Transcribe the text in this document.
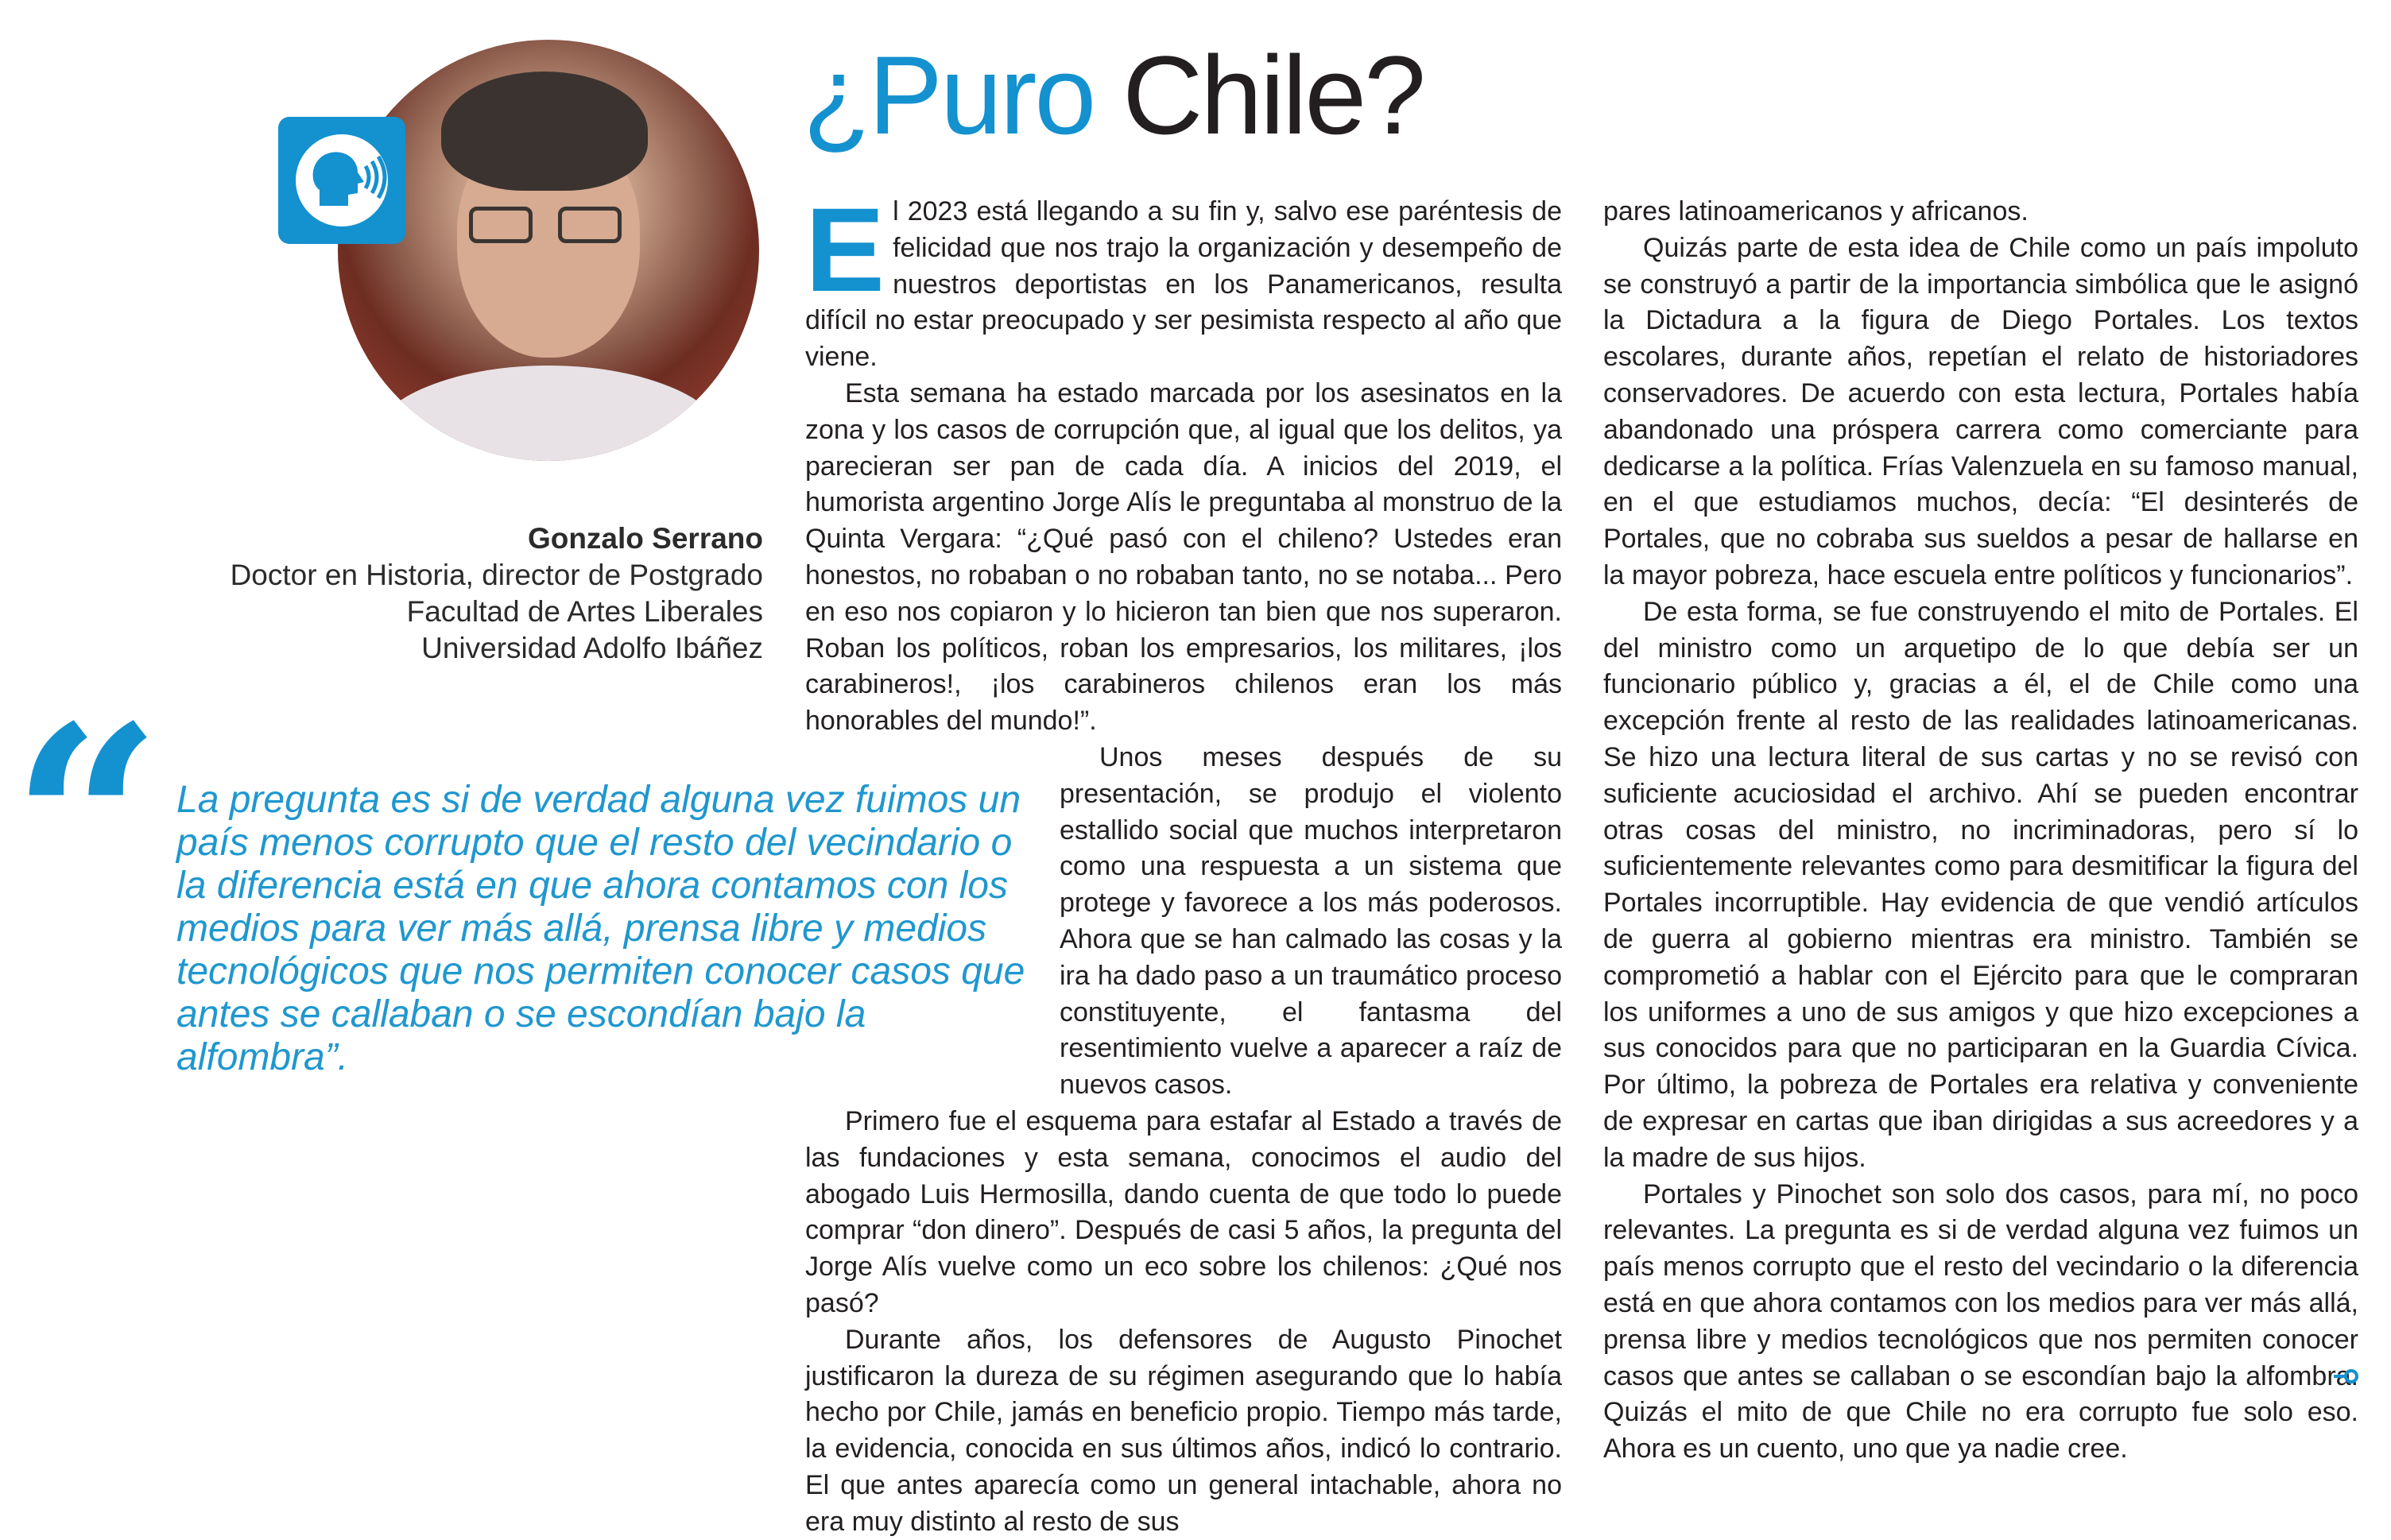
Gonzalo Serrano
Doctor en Historia, director de Postgrado
Facultad de Artes Liberales
Universidad Adolfo Ibáñez
“ La pregunta es si de verdad alguna vez fuimos un país menos corrupto que el resto del vecindario o la diferencia está en que ahora contamos con los medios para ver más allá, prensa libre y medios tecnológicos que nos permiten conocer casos que antes se callaban o se escondían bajo la alfombra”.
¿Puro Chile?
E l 2023 está llegando a su fin y, salvo ese paréntesis de felicidad que nos trajo la organización y desempeño de nuestros deportistas en los Panamericanos, resulta difícil no estar preocupado y ser pesimista respecto al año que viene.

Esta semana ha estado marcada por los asesinatos en la zona y los casos de corrupción que, al igual que los delitos, ya parecieran ser pan de cada día. A inicios del 2019, el humorista argentino Jorge Alís le preguntaba al monstruo de la Quinta Vergara: “¿Qué pasó con el chileno? Ustedes eran honestos, no robaban o no robaban tanto, no se notaba... Pero en eso nos copiaron y lo hicieron tan bien que nos superaron. Roban los políticos, roban los empresarios, los militares, ¡los carabineros!, ¡los carabineros chilenos eran los más honorables del mundo!”.

Unos meses después de su presentación, se produjo el violento estallido social que muchos interpretaron como una respuesta a un sistema que protege y favorece a los más poderosos. Ahora que se han calmado las cosas y la ira ha dado paso a un traumático proceso constituyente, el fantasma del resentimiento vuelve a aparecer a raíz de nuevos casos.

Primero fue el esquema para estafar al Estado a través de las fundaciones y esta semana, conocimos el audio del abogado Luis Hermosilla, dando cuenta de que todo lo puede comprar “don dinero”. Después de casi 5 años, la pregunta del Jorge Alís vuelve como un eco sobre los chilenos: ¿Qué nos pasó?

Durante años, los defensores de Augusto Pinochet justificaron la dureza de su régimen asegurando que lo había hecho por Chile, jamás en beneficio propio. Tiempo más tarde, la evidencia, conocida en sus últimos años, indicó lo contrario. El que antes aparecía como un general intachable, ahora no era muy distinto al resto de sus

pares latinoamericanos y africanos.

Quizás parte de esta idea de Chile como un país impoluto se construyó a partir de la importancia simbólica que le asignó la Dictadura a la figura de Diego Portales. Los textos escolares, durante años, repetían el relato de historiadores conservadores. De acuerdo con esta lectura, Portales había abandonado una próspera carrera como comerciante para dedicarse a la política. Frías Valenzuela en su famoso manual, en el que estudiamos muchos, decía: “El desinterés de Portales, que no cobraba sus sueldos a pesar de hallarse en la mayor pobreza, hace escuela entre políticos y funcionarios”.

De esta forma, se fue construyendo el mito de Portales. El del ministro como un arquetipo de lo que debía ser un funcionario público y, gracias a él, el de Chile como una excepción frente al resto de las realidades latinoamericanas. Se hizo una lectura literal de sus cartas y no se revisó con suficiente acuciosidad el archivo. Ahí se pueden encontrar otras cosas del ministro, no incriminadoras, pero sí lo suficientemente relevantes como para desmitificar la figura del Portales incorruptible. Hay evidencia de que vendió artículos de guerra al gobierno mientras era ministro. También se comprometió a hablar con el Ejército para que le compraran los uniformes a uno de sus amigos y que hizo excepciones a sus conocidos para que no participaran en la Guardia Cívica. Por último, la pobreza de Portales era relativa y conveniente de expresar en cartas que iban dirigidas a sus acreedores y a la madre de sus hijos.

Portales y Pinochet son solo dos casos, para mí, no poco relevantes. La pregunta es si de verdad alguna vez fuimos un país menos corrupto que el resto del vecindario o la diferencia está en que ahora contamos con los medios para ver más allá, prensa libre y medios tecnológicos que nos permiten conocer casos que antes se callaban o se escondían bajo la alfombra. Quizás el mito de que Chile no era corrupto fue solo eso. Ahora es un cuento, uno que ya nadie cree.
